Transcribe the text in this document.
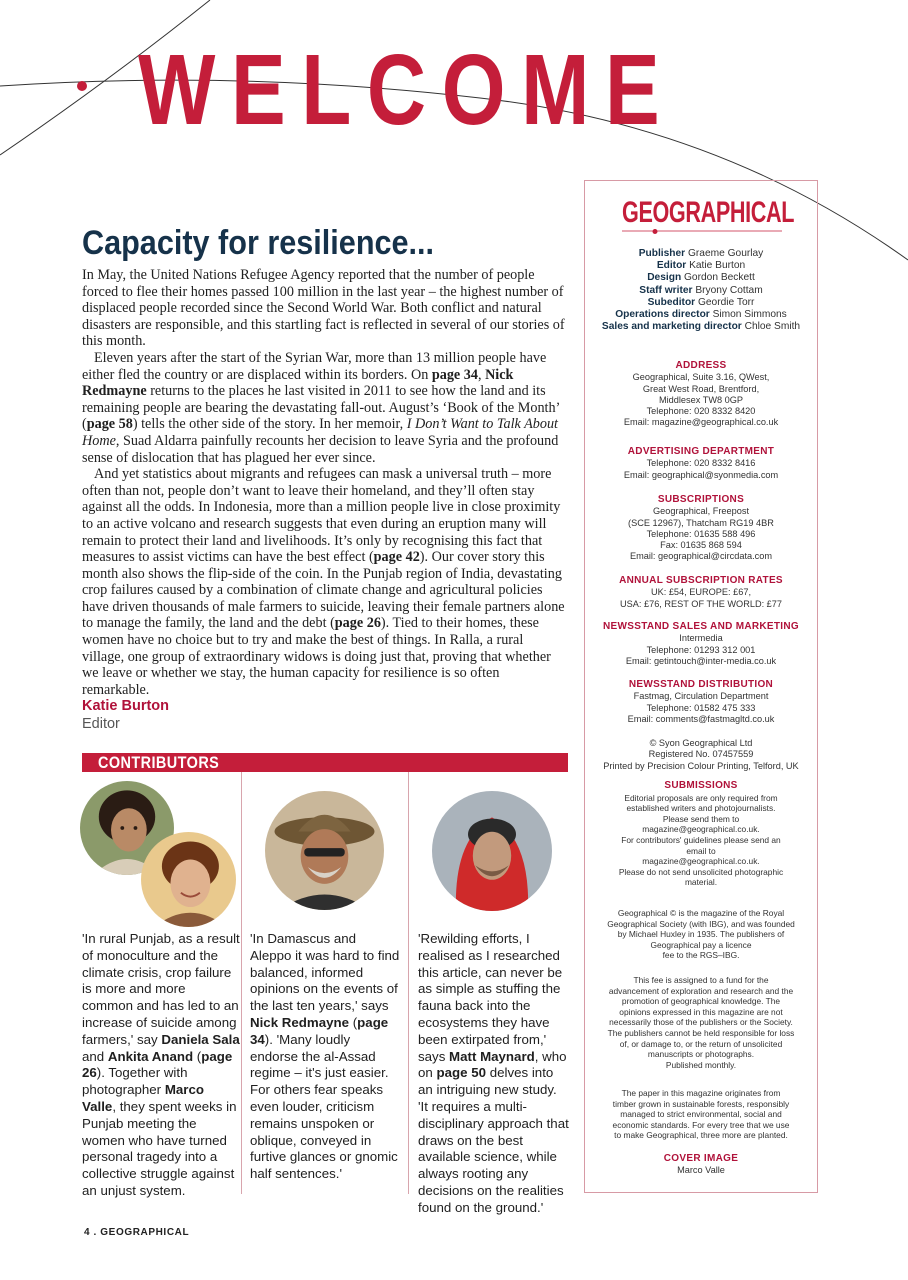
WELCOME
Capacity for resilience...

In May, the United Nations Refugee Agency reported that the number of people forced to flee their homes passed 100 million in the last year – the highest number of displaced people recorded since the Second World War. Both conflict and natural disasters are responsible, and this startling fact is reflected in several of our stories of this month.

Eleven years after the start of the Syrian War, more than 13 million people have either fled the country or are displaced within its borders. On page 34, Nick Redmayne returns to the places he last visited in 2011 to see how the land and its remaining people are bearing the devastating fall-out. August’s ‘Book of the Month’ (page 58) tells the other side of the story. In her memoir, I Don’t Want to Talk About Home, Suad Aldarra painfully recounts her decision to leave Syria and the profound sense of dislocation that has plagued her ever since.

And yet statistics about migrants and refugees can mask a universal truth – more often than not, people don’t want to leave their homeland, and they’ll often stay against all the odds. In Indonesia, more than a million people live in close proximity to an active volcano and research suggests that even during an eruption many will remain to protect their land and livelihoods. It’s only by recognising this fact that measures to assist victims can have the best effect (page 42). Our cover story this month also shows the flip-side of the coin. In the Punjab region of India, devastating crop failures caused by a combination of climate change and agricultural policies have driven thousands of male farmers to suicide, leaving their female partners alone to manage the family, the land and the debt (page 26). Tied to their homes, these women have no choice but to try and make the best of things. In Ralla, a rural village, one group of extraordinary widows is doing just that, proving that whether we leave or whether we stay, the human capacity for resilience is so often remarkable.

Katie Burton
Editor
CONTRIBUTORS
'In rural Punjab, as a result of monoculture and the climate crisis, crop failure is more and more common and has led to an increase of suicide among farmers,' say Daniela Sala and Ankita Anand (page 26). Together with photographer Marco Valle, they spent weeks in Punjab meeting the women who have turned personal tragedy into a collective struggle against an unjust system.
'In Damascus and Aleppo it was hard to find balanced, informed opinions on the events of the last ten years,' says Nick Redmayne (page 34). 'Many loudly endorse the al-Assad regime – it's just easier. For others fear speaks even louder, criticism remains unspoken or oblique, conveyed in furtive glances or gnomic half sentences.'
'Rewilding efforts, I realised as I researched this article, can never be as simple as stuffing the fauna back into the ecosystems they have been extirpated from,' says Matt Maynard, who on page 50 delves into an intriguing new study. 'It requires a multi-disciplinary approach that draws on the best available science, while always rooting any decisions on the realities found on the ground.'
GEOGRAPHICAL
Publisher Graeme Gourlay
Editor Katie Burton
Design Gordon Beckett
Staff writer Bryony Cottam
Subeditor Geordie Torr
Operations director Simon Simmons
Sales and marketing director Chloe Smith
ADDRESS
Geographical, Suite 3.16, QWest,
Great West Road, Brentford,
Middlesex TW8 0GP
Telephone: 020 8332 8420
Email: magazine@geographical.co.uk
ADVERTISING DEPARTMENT
Telephone: 020 8332 8416
Email: geographical@syonmedia.com
SUBSCRIPTIONS
Geographical, Freepost
(SCE 12967), Thatcham RG19 4BR
Telephone: 01635 588 496
Fax: 01635 868 594
Email: geographical@circdata.com
ANNUAL SUBSCRIPTION RATES
UK: £54, EUROPE: £67,
USA: £76, REST OF THE WORLD: £77
NEWSSTAND SALES AND MARKETING
Intermedia
Telephone: 01293 312 001
Email: getintouch@inter-media.co.uk
NEWSSTAND DISTRIBUTION
Fastmag, Circulation Department
Telephone: 01582 475 333
Email: comments@fastmagltd.co.uk
© Syon Geographical Ltd
Registered No. 07457559
Printed by Precision Colour Printing, Telford, UK
SUBMISSIONS
Editorial proposals are only required from
established writers and photojournalists.
Please send them to
magazine@geographical.co.uk.
For contributors' guidelines please send an
email to
magazine@geographical.co.uk.
Please do not send unsolicited photographic
material.
Geographical © is the magazine of the Royal
Geographical Society (with IBG), and was founded
by Michael Huxley in 1935. The publishers of
Geographical pay a licence
fee to the RGS–IBG.
This fee is assigned to a fund for the
advancement of exploration and research and the
promotion of geographical knowledge. The
opinions expressed in this magazine are not
necessarily those of the publishers or the Society.
The publishers cannot be held responsible for loss
of, or damage to, or the return of unsolicited
manuscripts or photographs.
Published monthly.
The paper in this magazine originates from
timber grown in sustainable forests, responsibly
managed to strict environmental, social and
economic standards. For every tree that we use
to make Geographical, three more are planted.
COVER IMAGE
Marco Valle
4 . GEOGRAPHICAL
